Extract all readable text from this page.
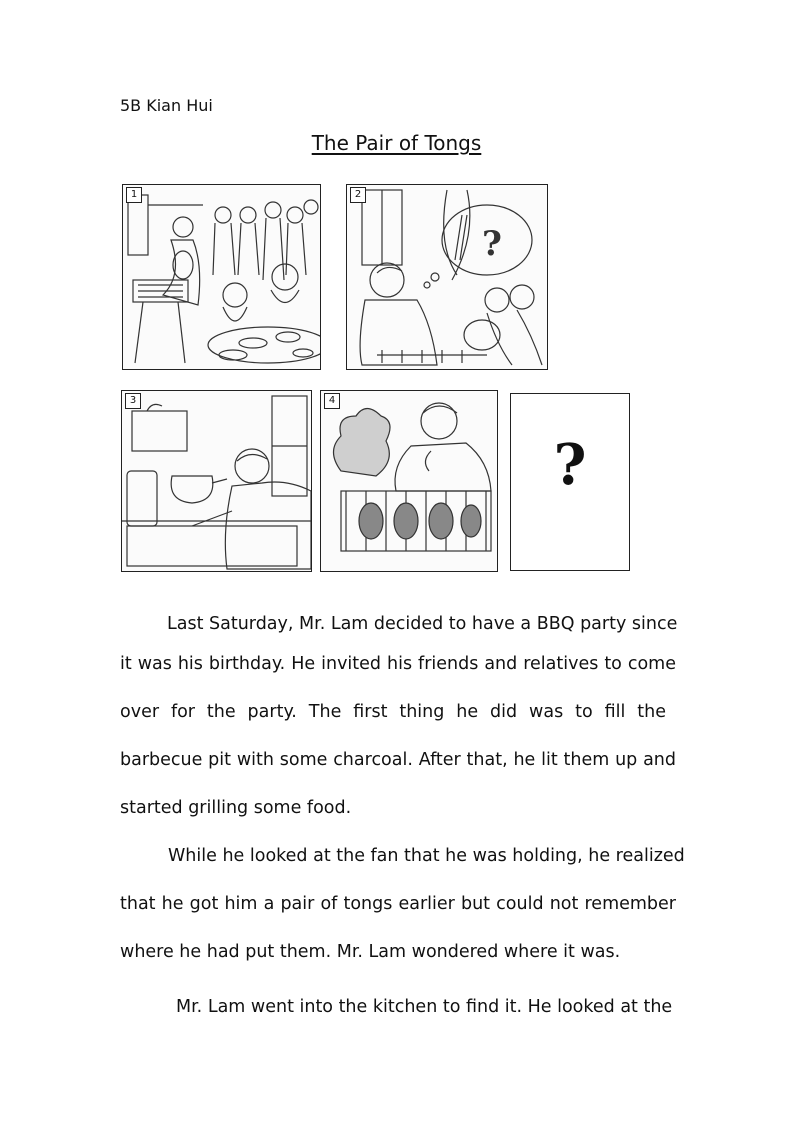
5B Kian Hui
The Pair of Tongs
1
?
2
3	4
?
Last Saturday, Mr. Lam decided to have a BBQ party since
it was his birthday. He invited his friends and relatives to come
over for the party. The first thing he did was to fill the
barbecue pit with some charcoal. After that, he lit them up and
started grilling some food.
While he looked at the fan that he was holding, he realized
that he got him a pair of tongs earlier but could not remember
where he had put them. Mr. Lam wondered where it was.
Mr. Lam went into the kitchen to find it. He looked at the
